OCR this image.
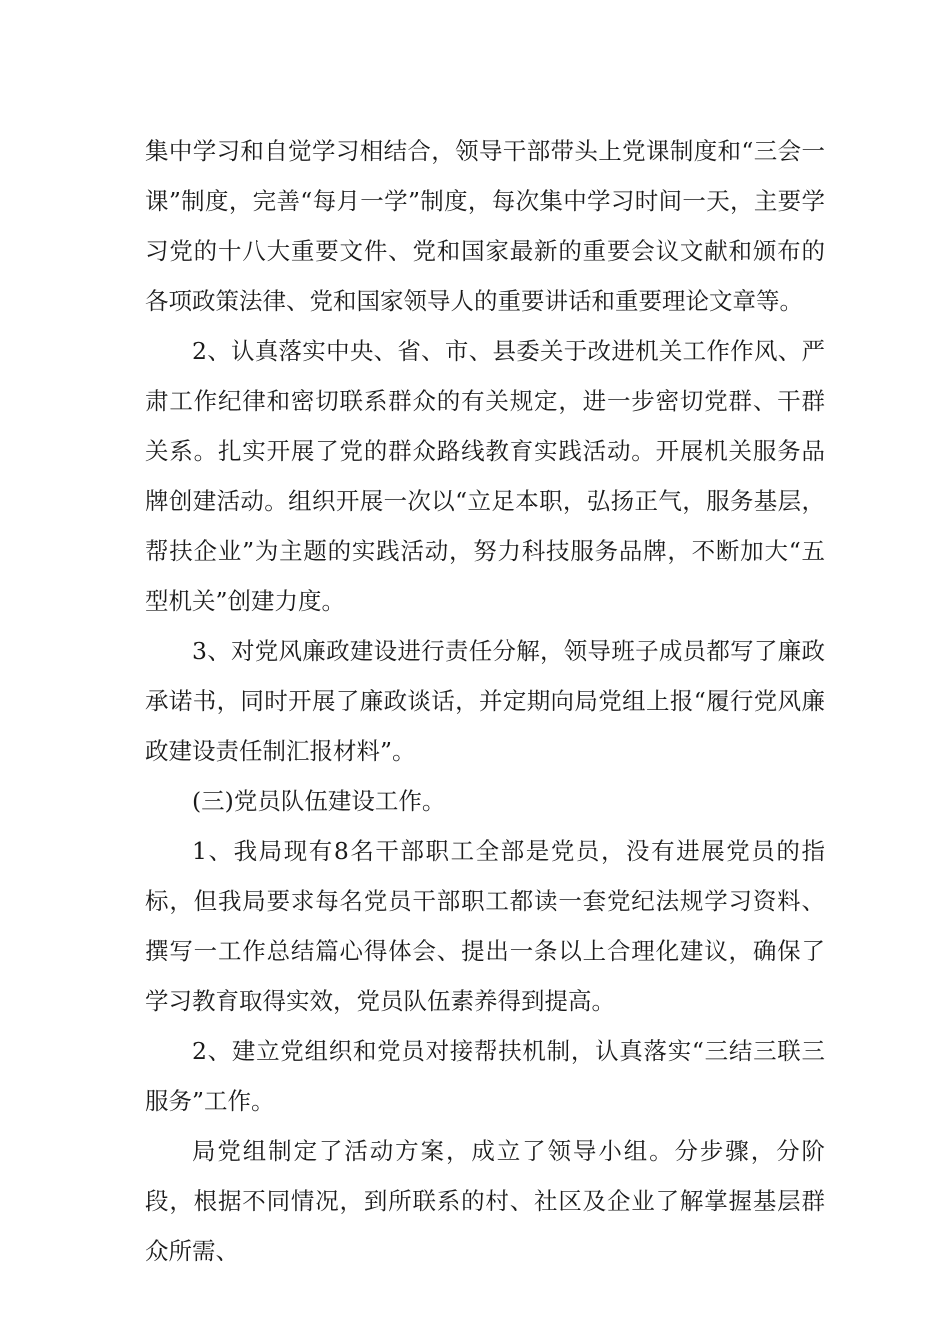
集中学习和自觉学习相结合，领导干部带头上党课制度和“三会一课”制度，完善“每月一学”制度，每次集中学习时间一天，主要学习党的十八大重要文件、党和国家最新的重要会议文献和颁布的各项政策法律、党和国家领导人的重要讲话和重要理论文章等。

2、认真落实中央、省、市、县委关于改进机关工作作风、严肃工作纪律和密切联系群众的有关规定，进一步密切党群、干群关系。扎实开展了党的群众路线教育实践活动。开展机关服务品牌创建活动。组织开展一次以“立足本职，弘扬正气，服务基层，帮扶企业”为主题的实践活动，努力科技服务品牌，不断加大“五型机关”创建力度。

3、对党风廉政建设进行责任分解，领导班子成员都写了廉政承诺书，同时开展了廉政谈话，并定期向局党组上报“履行党风廉政建设责任制汇报材料”。

(三)党员队伍建设工作。

1、我局现有8名干部职工全部是党员，没有进展党员的指标，但我局要求每名党员干部职工都读一套党纪法规学习资料、撰写一工作总结篇心得体会、提出一条以上合理化建议，确保了学习教育取得实效，党员队伍素养得到提高。

2、建立党组织和党员对接帮扶机制，认真落实“三结三联三服务”工作。

局党组制定了活动方案，成立了领导小组。分步骤，分阶段，根据不同情况，到所联系的村、社区及企业了解掌握基层群众所需、
